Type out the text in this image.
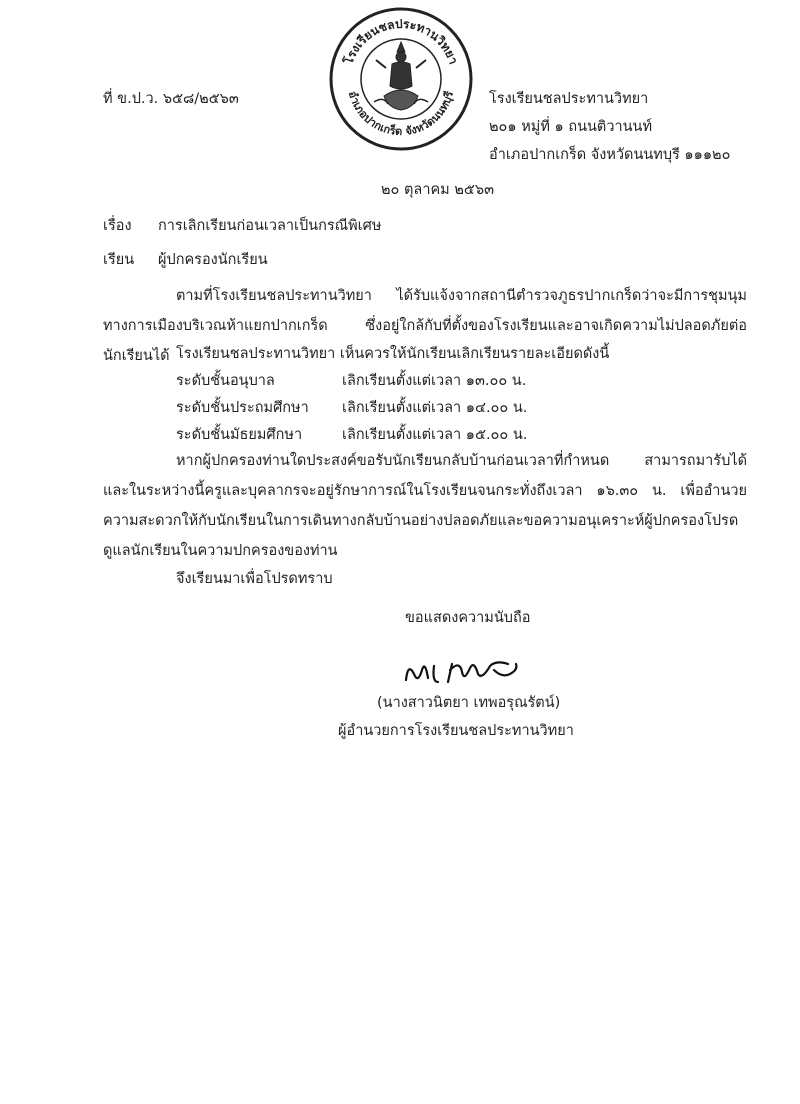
โรงเรียนชลประทานวิทยา
อำเภอปากเกร็ด จังหวัดนนทบุรี
ที่ ข.ป.ว. ๖๕๘/๒๕๖๓	โรงเรียนชลประทานวิทยา
๒๐๑ หมู่ที่ ๑ ถนนติวานนท์
อำเภอปากเกร็ด จังหวัดนนทบุรี ๑๑๑๒๐
๒๐ ตุลาคม ๒๕๖๓
เรื่อง การเลิกเรียนก่อนเวลาเป็นกรณีพิเศษ
เรียน ผู้ปกครองนักเรียน
ตามที่โรงเรียนชลประทานวิทยา ได้รับแจ้งจากสถานีตำรวจภูธรปากเกร็ดว่าจะมีการชุมนุมทางการเมืองบริเวณห้าแยกปากเกร็ด ซึ่งอยู่ใกล้กับที่ตั้งของโรงเรียนและอาจเกิดความไม่ปลอดภัยต่อนักเรียนได้ โรงเรียนชลประทานวิทยา เห็นควรให้นักเรียนเลิกเรียนรายละเอียดดังนี้
ระดับชั้นอนุบาล	เลิกเรียนตั้งแต่เวลา ๑๓.๐๐ น.
ระดับชั้นประถมศึกษา เลิกเรียนตั้งแต่เวลา ๑๔.๐๐ น.
ระดับชั้นมัธยมศึกษา	เลิกเรียนตั้งแต่เวลา ๑๕.๐๐ น.
หากผู้ปกครองท่านใดประสงค์ขอรับนักเรียนกลับบ้านก่อนเวลาที่กำหนด สามารถมารับได้ และในระหว่างนี้ครูและบุคลากรจะอยู่รักษาการณ์ในโรงเรียนจนกระทั่งถึงเวลา ๑๖.๓๐ น. เพื่ออำนวยความสะดวกให้กับนักเรียนในการเดินทางกลับบ้านอย่างปลอดภัยและขอความอนุเคราะห์ผู้ปกครองโปรดดูแลนักเรียนในความปกครองของท่าน
จึงเรียนมาเพื่อโปรดทราบ
ขอแสดงความนับถือ
(นางสาวนิตยา เทพอรุณรัตน์)
ผู้อำนวยการโรงเรียนชลประทานวิทยา
